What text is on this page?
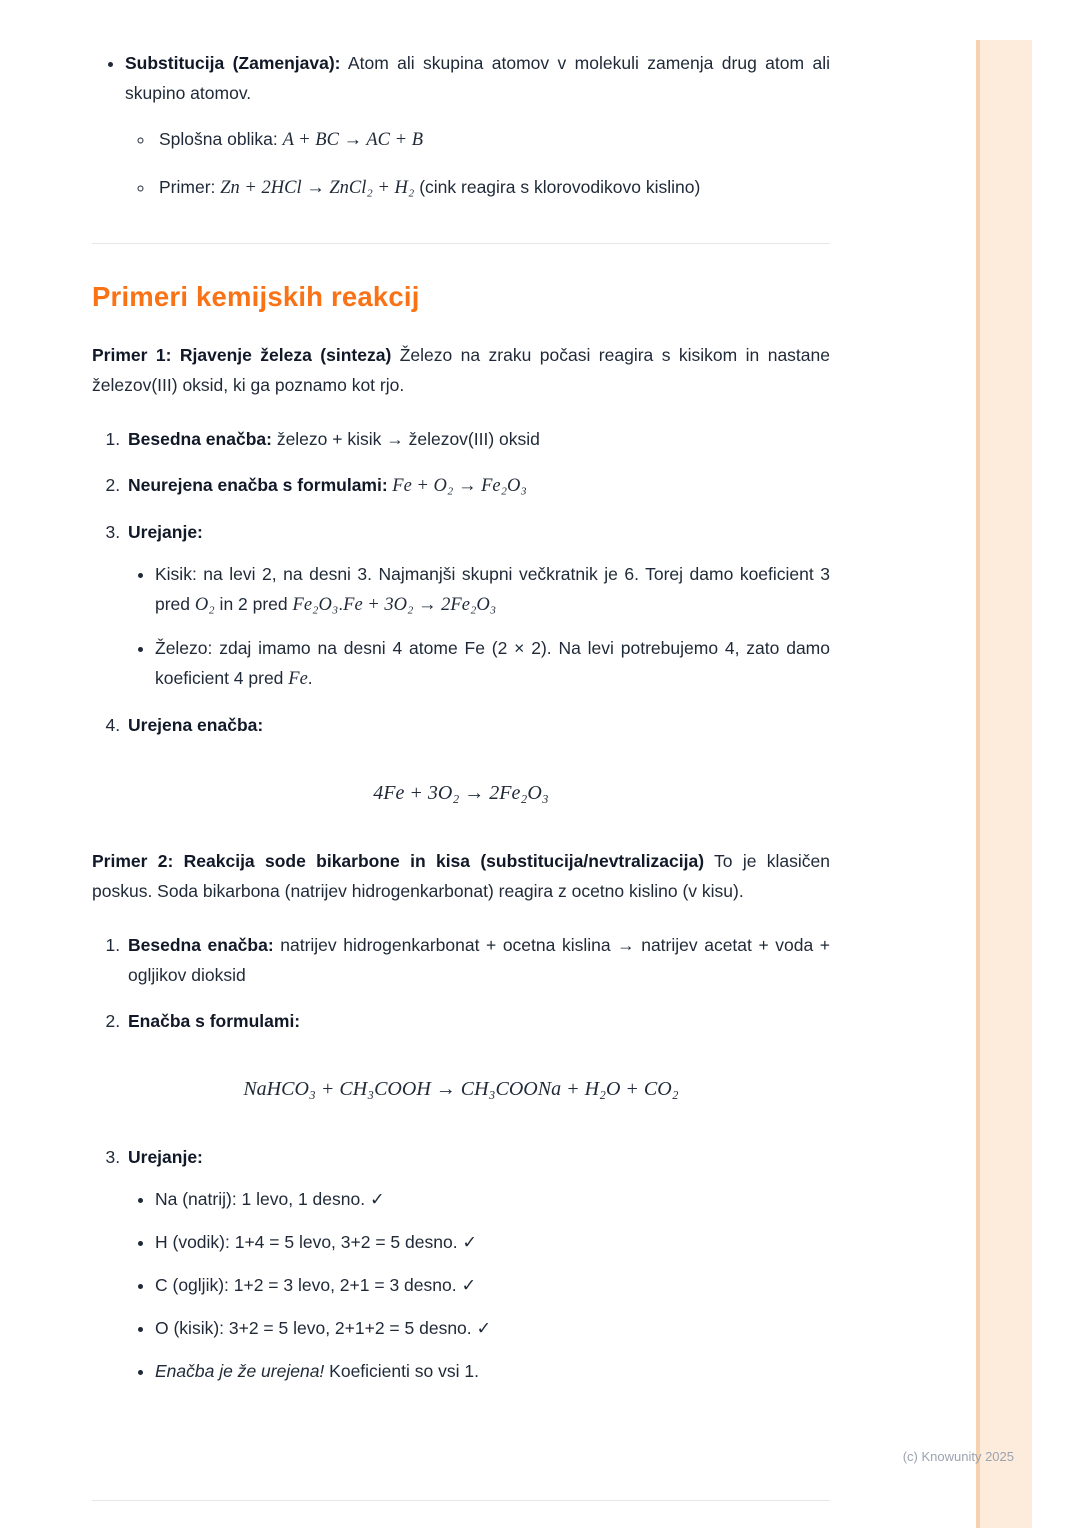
• Substitucija (Zamenjava): Atom ali skupina atomov v molekuli zamenja drug atom ali skupino atomov.
◦ Splošna oblika: A + BC → AC + B
◦ Primer: Zn + 2HCl → ZnCl₂ + H₂ (cink reagira s klorovodikovo kislino)
Primeri kemijskih reakcij

Primer 1: Rjavenje železa (sinteza) Železo na zraku počasi reagira s kisikom in nastane železov(III) oksid, ki ga poznamo kot rjo.

1. Besedna enačba: železo + kisik → železov(III) oksid
2. Neurejena enačba s formulami: Fe + O₂ → Fe₂O₃
3. Urejanje:
• Kisik: na levi 2, na desni 3. Najmanjši skupni večkratnik je 6. Torej damo koeficient 3 pred O₂ in 2 pred Fe₂O₃.Fe + 3O₂ → 2Fe₂O₃
• Železo: zdaj imamo na desni 4 atome Fe (2 × 2). Na levi potrebujemo 4, zato damo koeficient 4 pred Fe.
4. Urejena enačba:
4Fe + 3O₂ → 2Fe₂O₃

Primer 2: Reakcija sode bikarbone in kisa (substitucija/nevtralizacija) To je klasičen poskus. Soda bikarbona (natrijev hidrogenkarbonat) reagira z ocetno kislino (v kisu).

1. Besedna enačba: natrijev hidrogenkarbonat + ocetna kislina → natrijev acetat + voda + ogljikov dioksid
2. Enačba s formulami:
NaHCO₃ + CH₃COOH → CH₃COONa + H₂O + CO₂
3. Urejanje:
• Na (natrij): 1 levo, 1 desno. ✓
• H (vodik): 1+4 = 5 levo, 3+2 = 5 desno. ✓
• C (ogljik): 1+2 = 3 levo, 2+1 = 3 desno. ✓
• O (kisik): 3+2 = 5 levo, 2+1+2 = 5 desno. ✓
• Enačba je že urejena! Koeficienti so vsi 1.
(c) Knowunity 2025
